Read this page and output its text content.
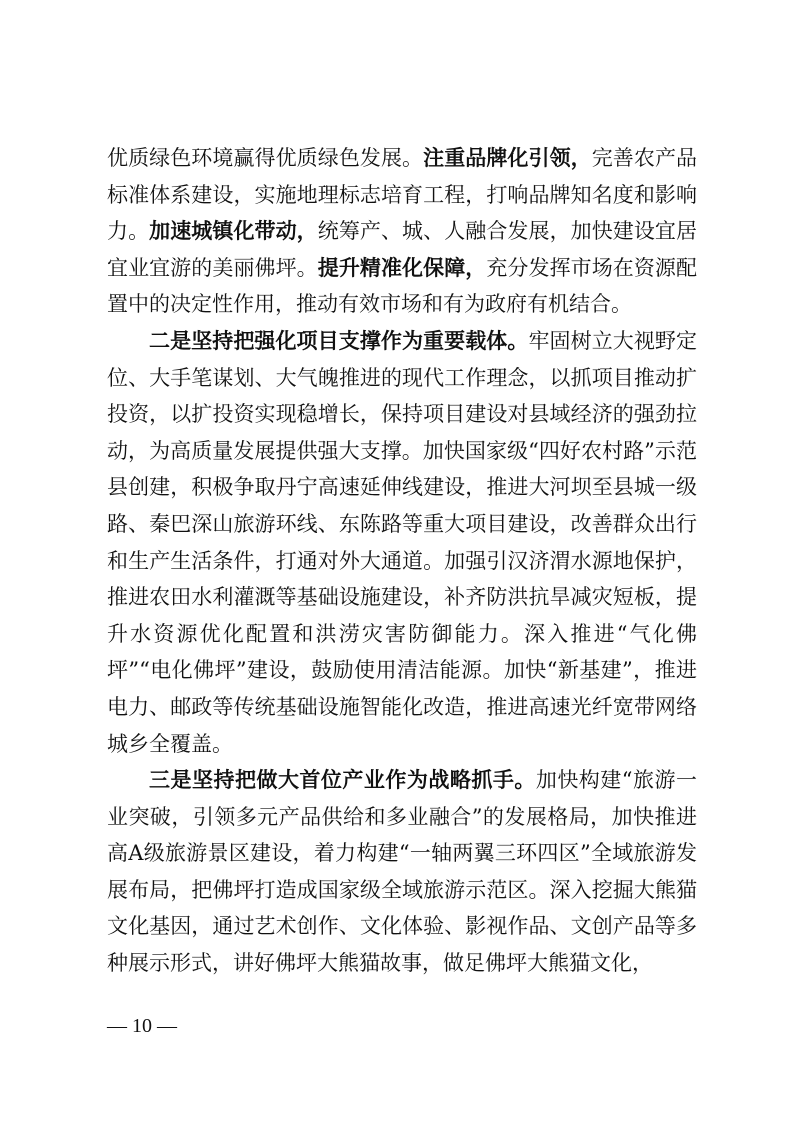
优质绿色环境赢得优质绿色发展。注重品牌化引领，完善农产品标准体系建设，实施地理标志培育工程，打响品牌知名度和影响力。加速城镇化带动，统筹产、城、人融合发展，加快建设宜居宜业宜游的美丽佛坪。提升精准化保障，充分发挥市场在资源配置中的决定性作用，推动有效市场和有为政府有机结合。

二是坚持把强化项目支撑作为重要载体。牢固树立大视野定位、大手笔谋划、大气魄推进的现代工作理念，以抓项目推动扩投资，以扩投资实现稳增长，保持项目建设对县域经济的强劲拉动，为高质量发展提供强大支撑。加快国家级“四好农村路”示范县创建，积极争取丹宁高速延伸线建设，推进大河坝至县城一级路、秦巴深山旅游环线、东陈路等重大项目建设，改善群众出行和生产生活条件，打通对外大通道。加强引汉济渭水源地保护，推进农田水利灌溉等基础设施建设，补齐防洪抗旱减灾短板，提升水资源优化配置和洪涝灾害防御能力。深入推进“气化佛坪”“电化佛坪”建设，鼓励使用清洁能源。加快“新基建”，推进电力、邮政等传统基础设施智能化改造，推进高速光纤宽带网络城乡全覆盖。

三是坚持把做大首位产业作为战略抓手。加快构建“旅游一业突破，引领多元产品供给和多业融合”的发展格局，加快推进高A级旅游景区建设，着力构建“一轴两翼三环四区”全域旅游发展布局，把佛坪打造成国家级全域旅游示范区。深入挖掘大熊猫文化基因，通过艺术创作、文化体验、影视作品、文创产品等多种展示形式，讲好佛坪大熊猫故事，做足佛坪大熊猫文化，

— 10 —
